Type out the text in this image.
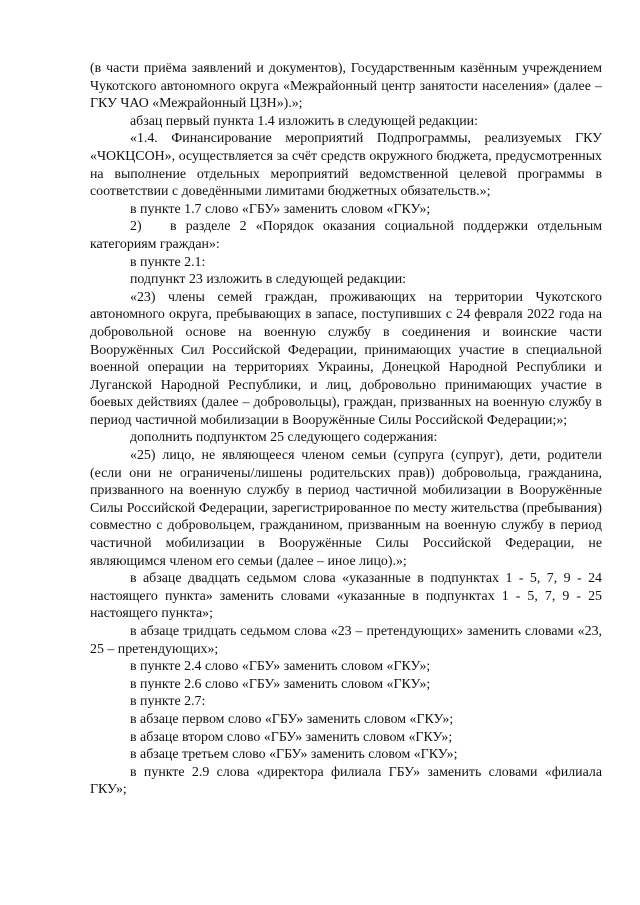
(в части приёма заявлений и документов), Государственным казённым учреждением Чукотского автономного округа «Межрайонный центр занятости населения» (далее – ГКУ ЧАО «Межрайонный ЦЗН»).»;

абзац первый пункта 1.4 изложить в следующей редакции:

«1.4. Финансирование мероприятий Подпрограммы, реализуемых ГКУ «ЧОКЦСОН», осуществляется за счёт средств окружного бюджета, предусмотренных на выполнение отдельных мероприятий ведомственной целевой программы в соответствии с доведёнными лимитами бюджетных обязательств.»;

в пункте 1.7 слово «ГБУ» заменить словом «ГКУ»;

2) в разделе 2 «Порядок оказания социальной поддержки отдельным категориям граждан»:

в пункте 2.1:

подпункт 23 изложить в следующей редакции:

«23) члены семей граждан, проживающих на территории Чукотского автономного округа, пребывающих в запасе, поступивших с 24 февраля 2022 года на добровольной основе на военную службу в соединения и воинские части Вооружённых Сил Российской Федерации, принимающих участие в специальной военной операции на территориях Украины, Донецкой Народной Республики и Луганской Народной Республики, и лиц, добровольно принимающих участие в боевых действиях (далее – добровольцы), граждан, призванных на военную службу в период частичной мобилизации в Вооружённые Силы Российской Федерации;»;

дополнить подпунктом 25 следующего содержания:

«25) лицо, не являющееся членом семьи (супруга (супруг), дети, родители (если они не ограничены/лишены родительских прав)) добровольца, гражданина, призванного на военную службу в период частичной мобилизации в Вооружённые Силы Российской Федерации, зарегистрированное по месту жительства (пребывания) совместно с добровольцем, гражданином, призванным на военную службу в период частичной мобилизации в Вооружённые Силы Российской Федерации, не являющимся членом его семьи (далее – иное лицо).»;

в абзаце двадцать седьмом слова «указанные в подпунктах 1 - 5, 7, 9 - 24 настоящего пункта» заменить словами «указанные в подпунктах 1 - 5, 7, 9 - 25 настоящего пункта»;

в абзаце тридцать седьмом слова «23 – претендующих» заменить словами «23, 25 – претендующих»;

в пункте 2.4 слово «ГБУ» заменить словом «ГКУ»;

в пункте 2.6 слово «ГБУ» заменить словом «ГКУ»;

в пункте 2.7:

в абзаце первом слово «ГБУ» заменить словом «ГКУ»;

в абзаце втором слово «ГБУ» заменить словом «ГКУ»;

в абзаце третьем слово «ГБУ» заменить словом «ГКУ»;

в пункте 2.9 слова «директора филиала ГБУ» заменить словами «филиала ГКУ»;
